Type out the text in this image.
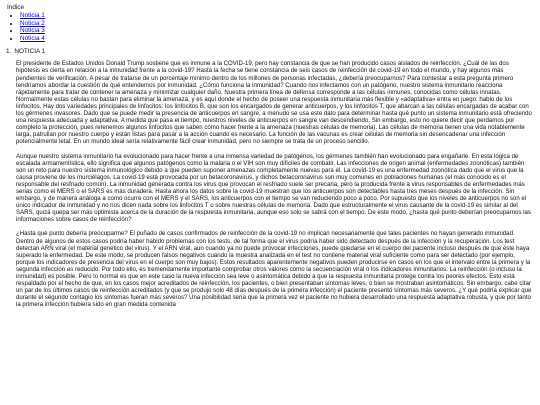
Indice
• Noticia 1
• Noticia 2
• Noticia 3
• Noticia 4
1. NOTICIA 1

El presidente de Estados Unidos Donald Trump sostiene que es inmune a la COVID-19, pero hay constancia de que se han producido casos aislados de reinfección. ¿Cuál de las dos hipótesis es cierta en relación a la inmunidad frente a la covid-19? Hasta la fecha se tiene constancia de seis casos de reinfección de covid-19 en todo el mundo, y hay algunos más pendientes de verificación. A pesar de tratarse de un porcentaje mínimo dentro de los millones de personas infectadas, ¿debería preocuparnos? Para contestar a esta pregunta primero tendríamos abordar la cuestión de qué entendemos por inmunidad. ¿Cómo funciona la inmunidad? Cuando nos infectamos con un patógeno, nuestro sistema inmunitario reacciona rápidamente para tratar de contener la amenaza y minimizar cualquier daño. Nuestra primera línea de defensa corresponde a las células inmunes, conocidas como células innatas. Normalmente estas células no bastan para eliminar la amenaza, y es aquí donde el hecho de poseer una respuesta inmunitaria más flexible y «adaptativa» entra en juego: hablo de los linfocitos. Hay dos variedades principales de linfocitos: los linfocitos B, que son los encargados de generar anticuerpos, y los linfocitos T, que abarcan a las células encargadas de acabar con los gérmenes invasores. Dado que se puede medir la presencia de anticuerpos en sangre, a menudo se usa este dato para determinar hasta qué punto un sistema inmunitario está ofreciendo una respuesta adecuada y adaptativa. A medida que pasa el tiempo, nuestros niveles de anticuerpos en sangre van descendiendo. Sin embargo, esto no quiere decir que perdamos por completo la protección, pues retenemos algunos linfocitos que saben cómo hacer frente a la amenaza (nuestras células de memoria). Las células de memoria tienen una vida notablemente larga, patrullan por nuestro cuerpo y están listas para pasar a la acción cuando es necesario. La función de las vacunas es crear células de memoria sin desencadenar una infección potencialmente letal. En un mundo ideal sería relativamente fácil crear inmunidad, pero no siempre se trata de un proceso sencillo.

Aunque nuestro sistema inmunitario ha evolucionado para hacer frente a una inmensa variedad de patógenos, los gérmenes también han evolucionado para engañarle. En esta lógica de escalada armamentística, ello significa que algunos patógenos como la malaria o el VIH son muy difíciles de combatir. Las infecciones de origen animal (enfermedades zoonóticas) también son un reto para nuestro sistema inmunológico debido a que pueden suponer amenazas completamente nuevas para él. La covid-19 es una enfermedad zoonótica dado que el virus que la causa proviene de los murciélagos. La covid-19 está provocada por un betacoronavirus, y dichos betacoronavirus son muy comunes en poblaciones humanas (el más conocido es el responsable del resfriado común). La inmunidad generada contra los virus que provocan el resfriado suele ser precaria, pero la producida frente a virus responsables de enfermedades más serias como el MERS o el SARS es más duradera. Hasta ahora los datos sobre la covid-19 muestran que los anticuerpos son detectables hasta tres meses después de la infección. Sin embargo, y de manera análoga a como ocurre con el MERS y el SARS, los anticuerpos con el tiempo se van reduciendo poco a poco. Por supuesto que los niveles de anticuerpos no son el único indicador de inmunidad y no nos dicen nada sobre los linfocitos T o sobre nuestras células de memoria. Dado que estructuralmente el virus causante de la covid-19 es similar al del SARS, quizá quepa ser más optimista acerca de la duración de la respuesta inmunitaria, aunque eso solo se sabrá con el tiempo. De este modo, ¿hasta qué punto deberían preocuparnos las informaciones sobre casos de reinfección?

¿Hasta qué punto debería preocuparme? El puñado de casos confirmados de reinfección de la covid-19 no implican necesariamente que tales pacientes no hayan generado inmunidad. Dentro de algunos de estos casos podría haber habido problemas con los tests, de tal forma que el virus podría haber sido detectado después de la infección y la recuperación. Los test detectan ARN viral (el material genético del virus). Y el ARN viral, aun cuando ya no puede provocar infecciones, puede quedarse en el cuerpo del paciente incluso después de que éste haya superado la enfermedad. De este modo, se producen falsos negativos cuando la muestra analizada en el test no contiene material viral suficiente como para ser detectado (por ejemplo, porque los indicadores de presencia del virus en el cuerpo son muy bajos). Estos resultados aparentemente negativos pueden producirse en casos en los que el intervalo entre la primera y la segunda infección es reducido. Por todo ello, es tremendamente importante comprobar otros valores como la secuenciación viral o los indicadores inmunitarios. La reinfección (o incluso la inmunidad) es posible. Pero lo normal es que en este caso la nueva infección sea leve o asintomática debido a que la respuesta inmunitaria protege contra los peores efectos. Esto está respaldado por el hecho de que, en los casos mejor acreditados de reinfección, los pacientes, o bien presentaban síntomas leves, o bien se mostraban asintomáticos. Sin embargo, cabe citar un par de los últimos casos de reinfección acreditados (y que se produjo solo 48 días después de la primera infección) el paciente presentó síntomas más severos. ¿Y qué podría explicar que durante el segundo contagio los síntomas fueran más severos? Una posibilidad sería que la primera vez el paciente no hubiera desarrollado una respuesta adaptativa robusta, y que por tanto la primera infección hubiera sido en gran medida contenida
